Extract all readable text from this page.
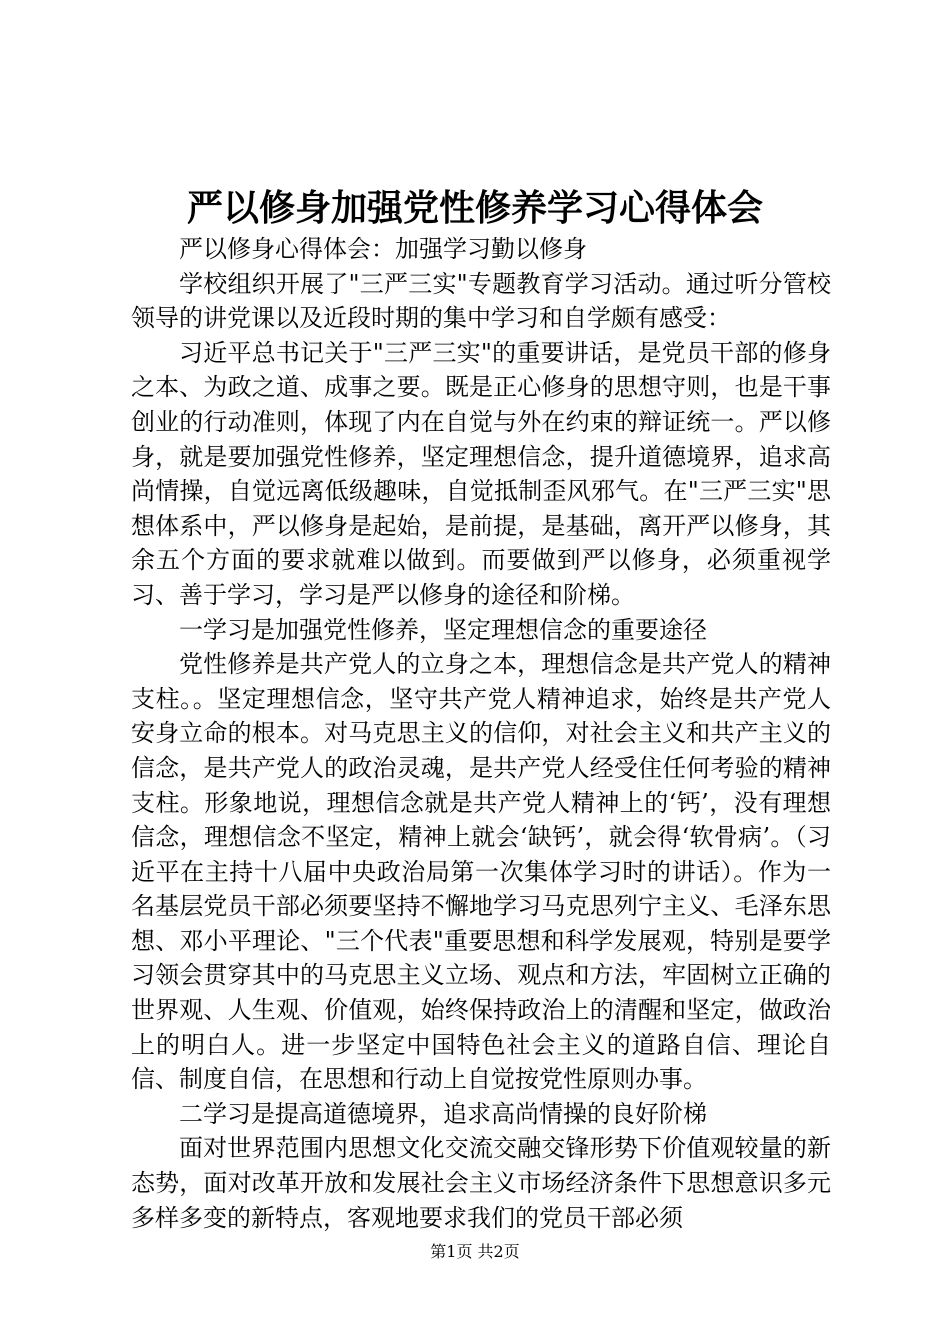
严以修身加强党性修养学习心得体会

严以修身心得体会：加强学习勤以修身

学校组织开展了"三严三实"专题教育学习活动。通过听分管校领导的讲党课以及近段时期的集中学习和自学颇有感受：

习近平总书记关于"三严三实"的重要讲话，是党员干部的修身之本、为政之道、成事之要。既是正心修身的思想守则，也是干事创业的行动准则，体现了内在自觉与外在约束的辩证统一。严以修身，就是要加强党性修养，坚定理想信念，提升道德境界，追求高尚情操，自觉远离低级趣味，自觉抵制歪风邪气。在"三严三实"思想体系中，严以修身是起始，是前提，是基础，离开严以修身，其余五个方面的要求就难以做到。而要做到严以修身，必须重视学习、善于学习，学习是严以修身的途径和阶梯。

一学习是加强党性修养，坚定理想信念的重要途径

党性修养是共产党人的立身之本，理想信念是共产党人的精神支柱。。坚定理想信念，坚守共产党人精神追求，始终是共产党人安身立命的根本。对马克思主义的信仰，对社会主义和共产主义的信念，是共产党人的政治灵魂，是共产党人经受住任何考验的精神支柱。形象地说，理想信念就是共产党人精神上的‘钙’，没有理想信念，理想信念不坚定，精神上就会‘缺钙’，就会得‘软骨病’。（习近平在主持十八届中央政治局第一次集体学习时的讲话）。作为一名基层党员干部必须要坚持不懈地学习马克思列宁主义、毛泽东思想、邓小平理论、"三个代表"重要思想和科学发展观，特别是要学习领会贯穿其中的马克思主义立场、观点和方法，牢固树立正确的世界观、人生观、价值观，始终保持政治上的清醒和坚定，做政治上的明白人。进一步坚定中国特色社会主义的道路自信、理论自信、制度自信，在思想和行动上自觉按党性原则办事。

二学习是提高道德境界，追求高尚情操的良好阶梯

面对世界范围内思想文化交流交融交锋形势下价值观较量的新态势，面对改革开放和发展社会主义市场经济条件下思想意识多元多样多变的新特点，客观地要求我们的党员干部必须

第1页 共2页
